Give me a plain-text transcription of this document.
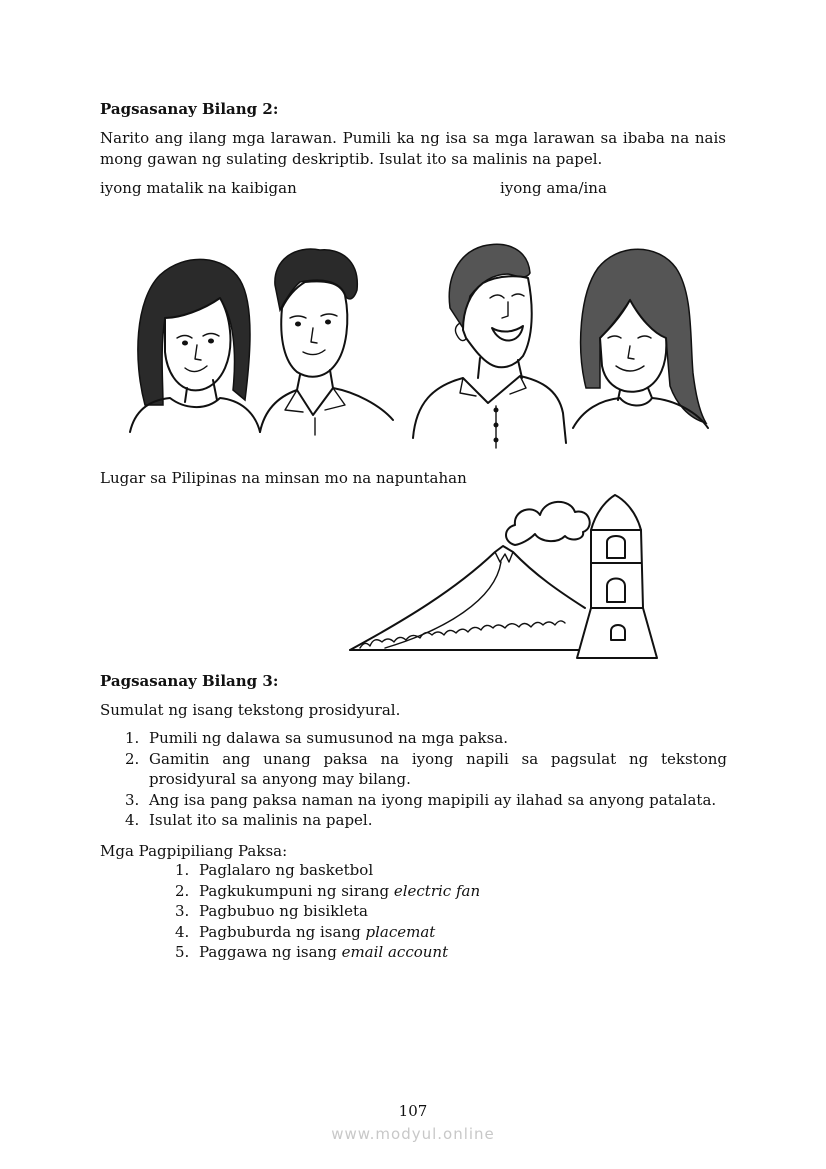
Pagsasanay Bilang 2:
Narito ang ilang mga larawan. Pumili ka ng isa sa mga larawan sa ibaba na nais mong gawan ng sulating deskriptib. Isulat ito sa malinis na papel.
iyong matalik na kaibigan	iyong ama/ina
Lugar sa Pilipinas na minsan mo na napuntahan
Pagsasanay Bilang 3:
Sumulat ng isang tekstong prosidyural.
1. Pumili ng dalawa sa sumusunod na mga paksa.
2. Gamitin ang unang paksa na iyong napili sa pagsulat ng tekstong prosidyural sa anyong may bilang.
3. Ang isa pang paksa naman na iyong mapipili ay ilahad sa anyong patalata.
4. Isulat ito sa malinis na papel.
Mga Pagpipiliang Paksa:
1. Paglalaro ng basketbol
2. Pagkukumpuni ng sirang electric fan
3. Pagbubuo ng bisikleta
4. Pagbuburda ng isang placemat
5. Paggawa ng isang email account
107
www.modyul.online
